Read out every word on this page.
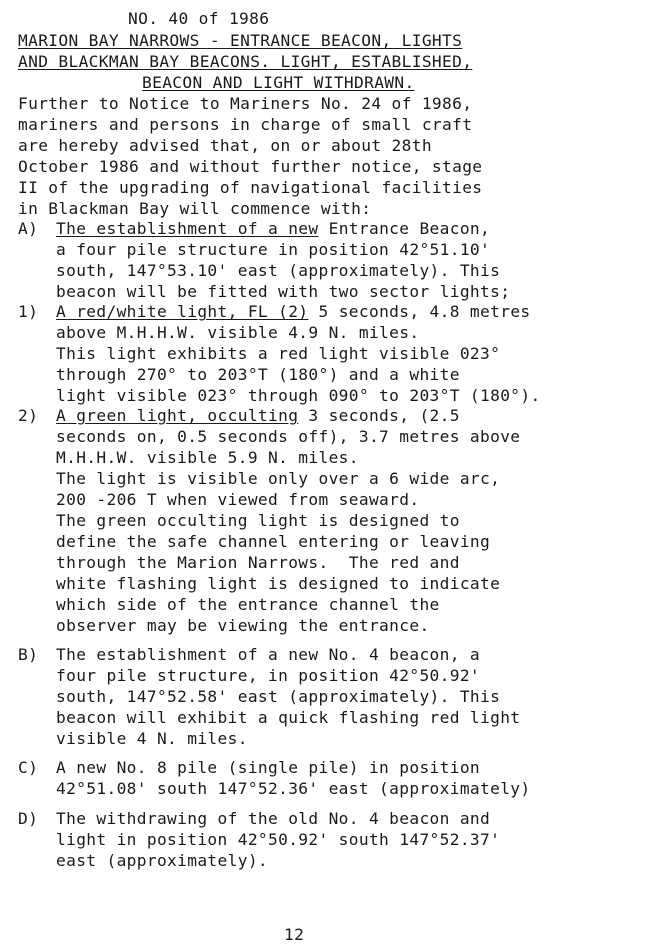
NO. 40 of 1986
MARION BAY NARROWS - ENTRANCE BEACON, LIGHTS
AND BLACKMAN BAY BEACONS. LIGHT, ESTABLISHED,
BEACON AND LIGHT WITHDRAWN.
Further to Notice to Mariners No. 24 of 1986,
mariners and persons in charge of small craft
are hereby advised that, on or about 28th
October 1986 and without further notice, stage
II of the upgrading of navigational facilities
in Blackman Bay will commence with:
A) The establishment of a new Entrance Beacon,
a four pile structure in position 42°51.10'
south, 147°53.10' east (approximately). This
beacon will be fitted with two sector lights;
1) A red/white light, FL (2) 5 seconds, 4.8 metres
above M.H.H.W. visible 4.9 N. miles.
This light exhibits a red light visible 023°
through 270° to 203°T (180°) and a white
light visible 023° through 090° to 203°T (180°).
2) A green light, occulting 3 seconds, (2.5
seconds on, 0.5 seconds off), 3.7 metres above
M.H.H.W. visible 5.9 N. miles.
The light is visible only over a 6 wide arc,
200 -206 T when viewed from seaward.
The green occulting light is designed to
define the safe channel entering or leaving
through the Marion Narrows.  The red and
white flashing light is designed to indicate
which side of the entrance channel the
observer may be viewing the entrance.
B) The establishment of a new No. 4 beacon, a
four pile structure, in position 42°50.92'
south, 147°52.58' east (approximately). This
beacon will exhibit a quick flashing red light
visible 4 N. miles.
C) A new No. 8 pile (single pile) in position
42°51.08' south 147°52.36' east (approximately)
D) The withdrawing of the old No. 4 beacon and
light in position 42°50.92' south 147°52.37'
east (approximately).
12
